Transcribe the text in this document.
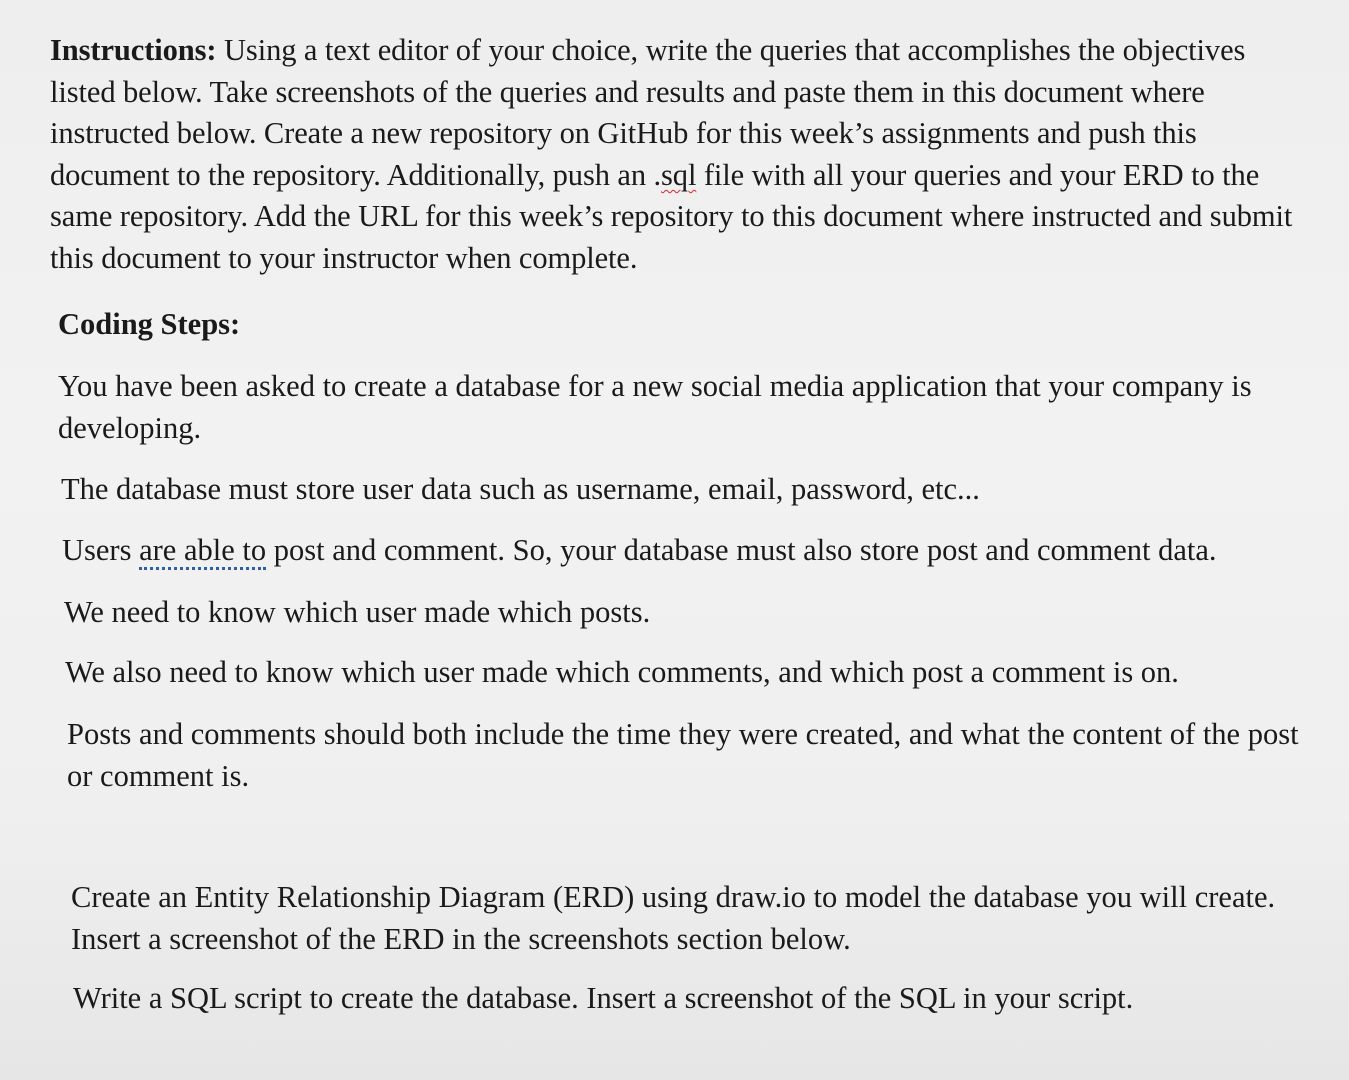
Instructions: Using a text editor of your choice, write the queries that accomplishes the objectives listed below. Take screenshots of the queries and results and paste them in this document where instructed below. Create a new repository on GitHub for this week’s assignments and push this document to the repository. Additionally, push an .sql file with all your queries and your ERD to the same repository. Add the URL for this week’s repository to this document where instructed and submit this document to your instructor when complete.

Coding Steps:

You have been asked to create a database for a new social media application that your company is developing.

The database must store user data such as username, email, password, etc...

Users are able to post and comment. So, your database must also store post and comment data.

We need to know which user made which posts.

We also need to know which user made which comments, and which post a comment is on.

Posts and comments should both include the time they were created, and what the content of the post or comment is.

Create an Entity Relationship Diagram (ERD) using draw.io to model the database you will create. Insert a screenshot of the ERD in the screenshots section below.

Write a SQL script to create the database. Insert a screenshot of the SQL in your script.
